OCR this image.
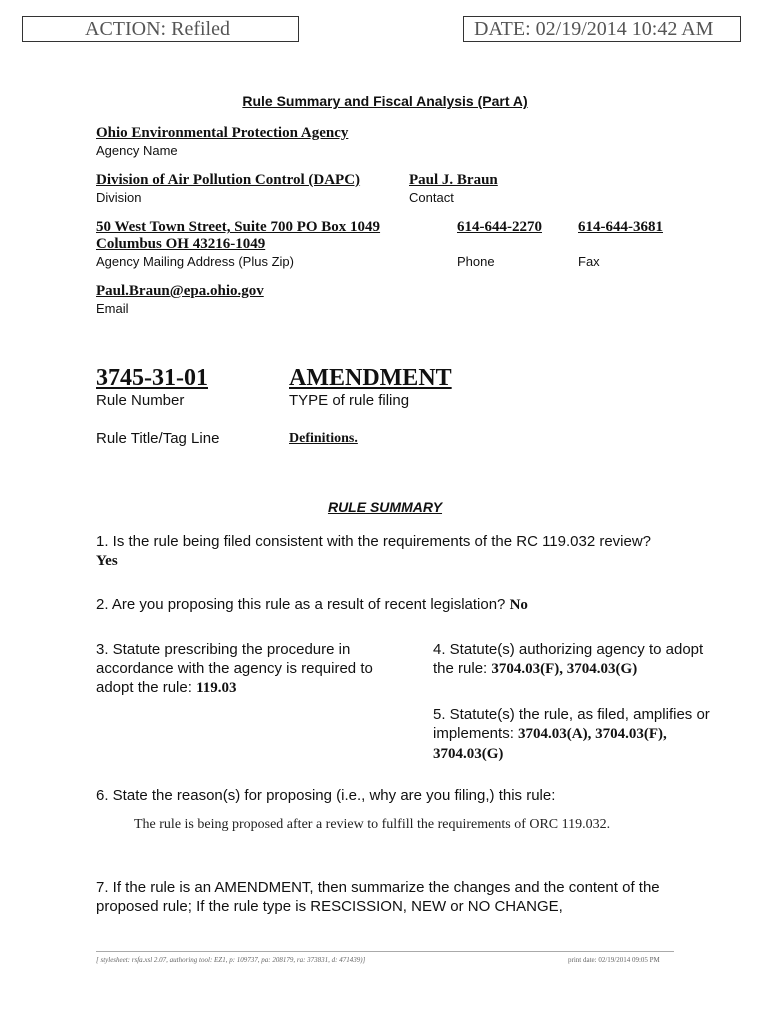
ACTION: Refiled	DATE: 02/19/2014 10:42 AM
Rule Summary and Fiscal Analysis (Part A)
Ohio Environmental Protection Agency
Agency Name
Division of Air Pollution Control (DAPC)
Division
Paul J. Braun
Contact
50 West Town Street, Suite 700 PO Box 1049
Columbus OH 43216-1049
Agency Mailing Address (Plus Zip)
614-644-2270
Phone
614-644-3681
Fax
Paul.Braun@epa.ohio.gov
Email
3745-31-01
Rule Number
AMENDMENT
TYPE of rule filing
Rule Title/Tag Line	Definitions.
RULE SUMMARY
1. Is the rule being filed consistent with the requirements of the RC 119.032 review? Yes
2. Are you proposing this rule as a result of recent legislation? No
3. Statute prescribing the procedure in accordance with the agency is required to adopt the rule: 119.03
4. Statute(s) authorizing agency to adopt the rule: 3704.03(F), 3704.03(G)
5. Statute(s) the rule, as filed, amplifies or implements: 3704.03(A), 3704.03(F), 3704.03(G)
6. State the reason(s) for proposing (i.e., why are you filing,) this rule:
The rule is being proposed after a review to fulfill the requirements of ORC 119.032.
7. If the rule is an AMENDMENT, then summarize the changes and the content of the proposed rule; If the rule type is RESCISSION, NEW or NO CHANGE,
[ stylesheet: rsfa.xsl 2.07, authoring tool: EZ1, p: 109737, pa: 208179, ra: 373831, d: 471439)]	print date: 02/19/2014 09:05 PM
